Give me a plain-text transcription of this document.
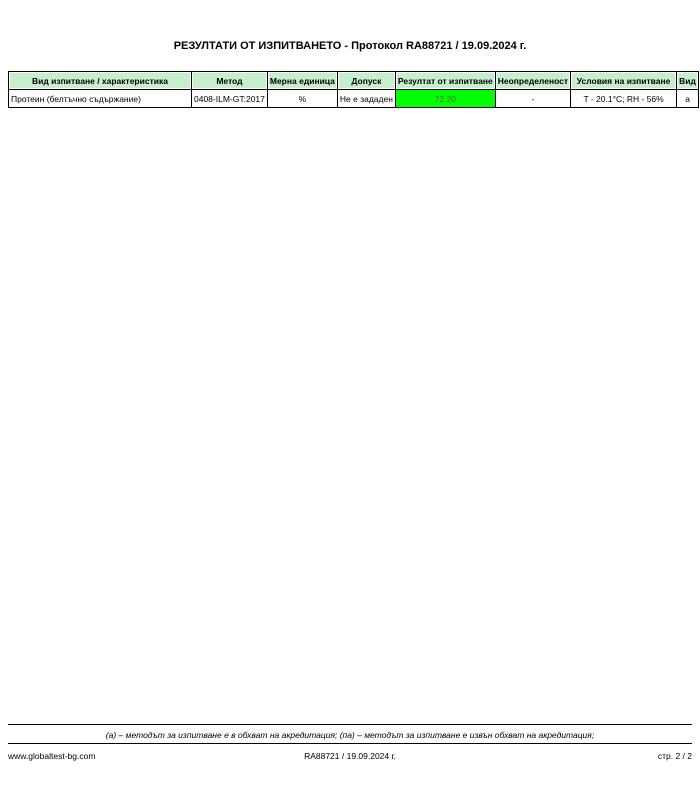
РЕЗУЛТАТИ ОТ ИЗПИТВАНЕТО - Протокол RA88721 / 19.09.2024 г.
Вид изпитване / характеристика	Метод	Мерна единица	Допуск	Резултат от изпитване	Неопределеност	Условия на изпитване	Вид
Протеин (белтъчно съдържание)	0408-ILM-GT:2017	%	Не е зададен	72.20	-	T - 20.1°C; RH - 56%	a
(а) – методът за изпитване е в обхват на акредитация; (па) – методът за изпитване е извън обхват на акредитация;
www.globaltest-bg.com	RA88721 / 19.09.2024 г.	стр. 2 / 2
